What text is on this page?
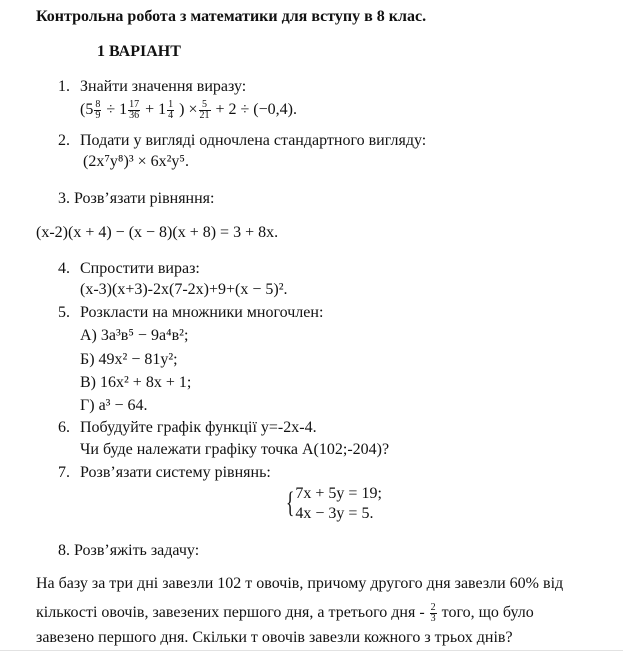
Контрольна робота з математики для вступу в 8 клас.
1 ВАРІАНТ
1. Знайти значення виразу:
($5 \frac{8}{9} \div 1 \frac{17}{36} + 1 \frac{1}{4}$ ) × $\frac{5}{21} + 2 \div (-0,4)$.
2. Подати у вигляді одночлена стандартного вигляду:
(2x⁷y⁸)³ × 6x²y⁵.
3. Розв’язати рівняння:
(x-2)(x + 4) − (x − 8)(x + 8) = 3 + 8x.
4. Спростити вираз:
(x-3)(x+3)-2x(7-2x)+9+(x − 5)².
5. Розкласти на множники многочлен:
А) 3а³в⁵ − 9а⁴в²;
Б) 49x² − 81y²;
В) 16x² + 8x + 1;
Г) a³ − 64.
6. Побудуйте графік функції y=-2x-4.
Чи буде належати графіку точка А(102;-204)?
7. Розв’язати систему рівнянь:
{ 7x + 5y = 19;
4x − 3y = 5.
8. Розв’яжіть задачу:
На базу за три дні завезли 102 т овочів, причому другого дня завезли 60% від
кількості овочів, завезених першого дня, а третього дня - $\frac{2}{3}$ того, що було
завезено першого дня. Скільки т овочів завезли кожного з трьох днів?
